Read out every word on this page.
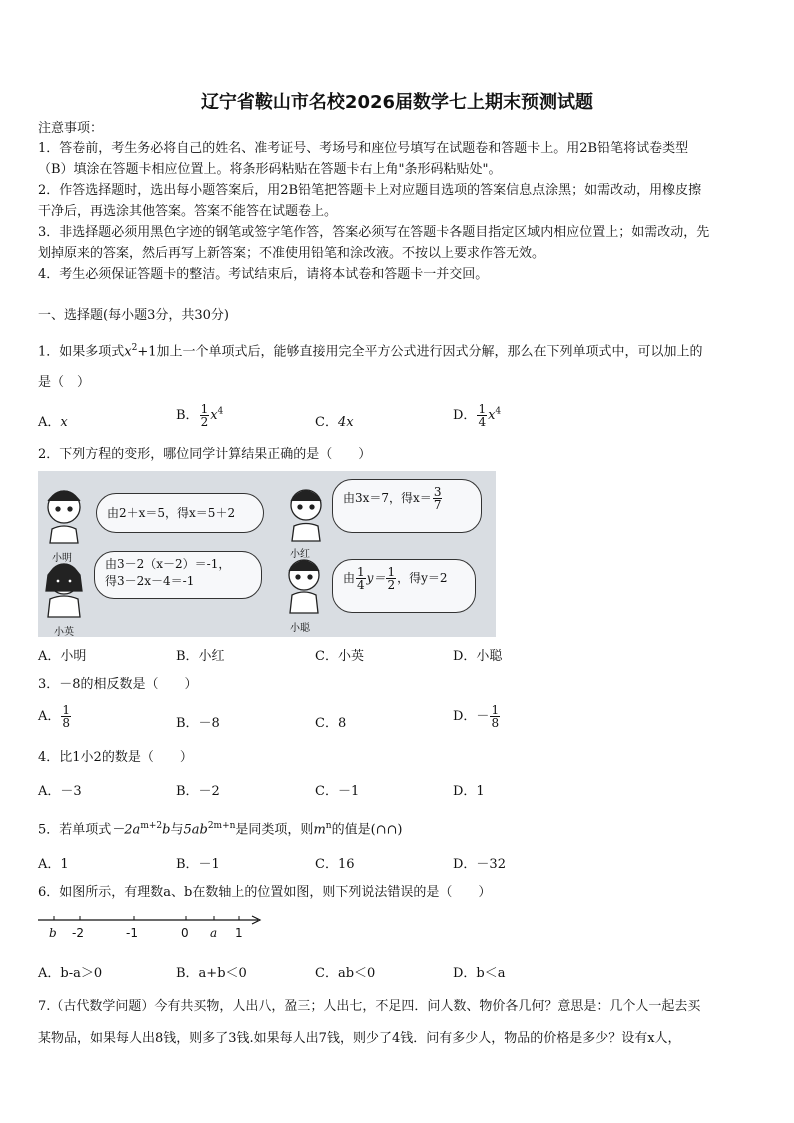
辽宁省鞍山市名校2026届数学七上期末预测试题
注意事项：
1．答卷前，考生务必将自己的姓名、准考证号、考场号和座位号填写在试题卷和答题卡上。用2B铅笔将试卷类型
（B）填涂在答题卡相应位置上。将条形码粘贴在答题卡右上角"条形码粘贴处"。
2．作答选择题时，选出每小题答案后，用2B铅笔把答题卡上对应题目选项的答案信息点涂黑；如需改动，用橡皮擦
干净后，再选涂其他答案。答案不能答在试题卷上。
3．非选择题必须用黑色字迹的钢笔或签字笔作答，答案必须写在答题卡各题目指定区域内相应位置上；如需改动，先
划掉原来的答案，然后再写上新答案；不准使用铅笔和涂改液。不按以上要求作答无效。
4．考生必须保证答题卡的整洁。考试结束后，请将本试卷和答题卡一并交回。
一、选择题(每小题3分，共30分)
1．如果多项式$x^2+1$加上一个单项式后，能够直接用完全平方公式进行因式分解，那么在下列单项式中，可以加上的
是（　）
A．x	B． $\frac{1}{2} x^4$
C．4x	D． $\frac{1}{4} x^4$
2．下列方程的变形，哪位同学计算结果正确的是（　　）
小明	小红
小英	小聪
由2＋x＝5，得x＝5＋2
由3x＝7，得$x= \frac{3}{7}$
由3－2（x－2）＝-1，
得3－2x－4＝-1	由 $\frac{1}{4} y= \frac{1}{2}$ ，得y＝2
A．小明	B．小红	C．小英	D．小聪
3．－8的相反数是（　　）
A． $\frac{1}{8}$	B．－8	C．8	D．－ $\frac{1}{8}$
4．比1小2的数是（　　）
A．－3	B．－2	C．－1	D．1
5．若单项式$-2a^{m+2}b$与$5ab^{2m+n}$是同类项，则$m^n$的值是(∩∩)
A．1	B．－1	C．16	D．－32
6．如图所示，有理数a、b在数轴上的位置如图，则下列说法错误的是（　　）
b -2	-1	0 a 1
A．b-a＞0	B．a+b＜0	C．ab＜0	D．b＜a
7.（古代数学问题）今有共买物，人出八，盈三；人出七，不足四．问人数、物价各几何？意思是：几个人一起去买
某物品，如果每人出8钱，则多了3钱.如果每人出7钱，则少了4钱．问有多少人，物品的价格是多少？设有x人，
